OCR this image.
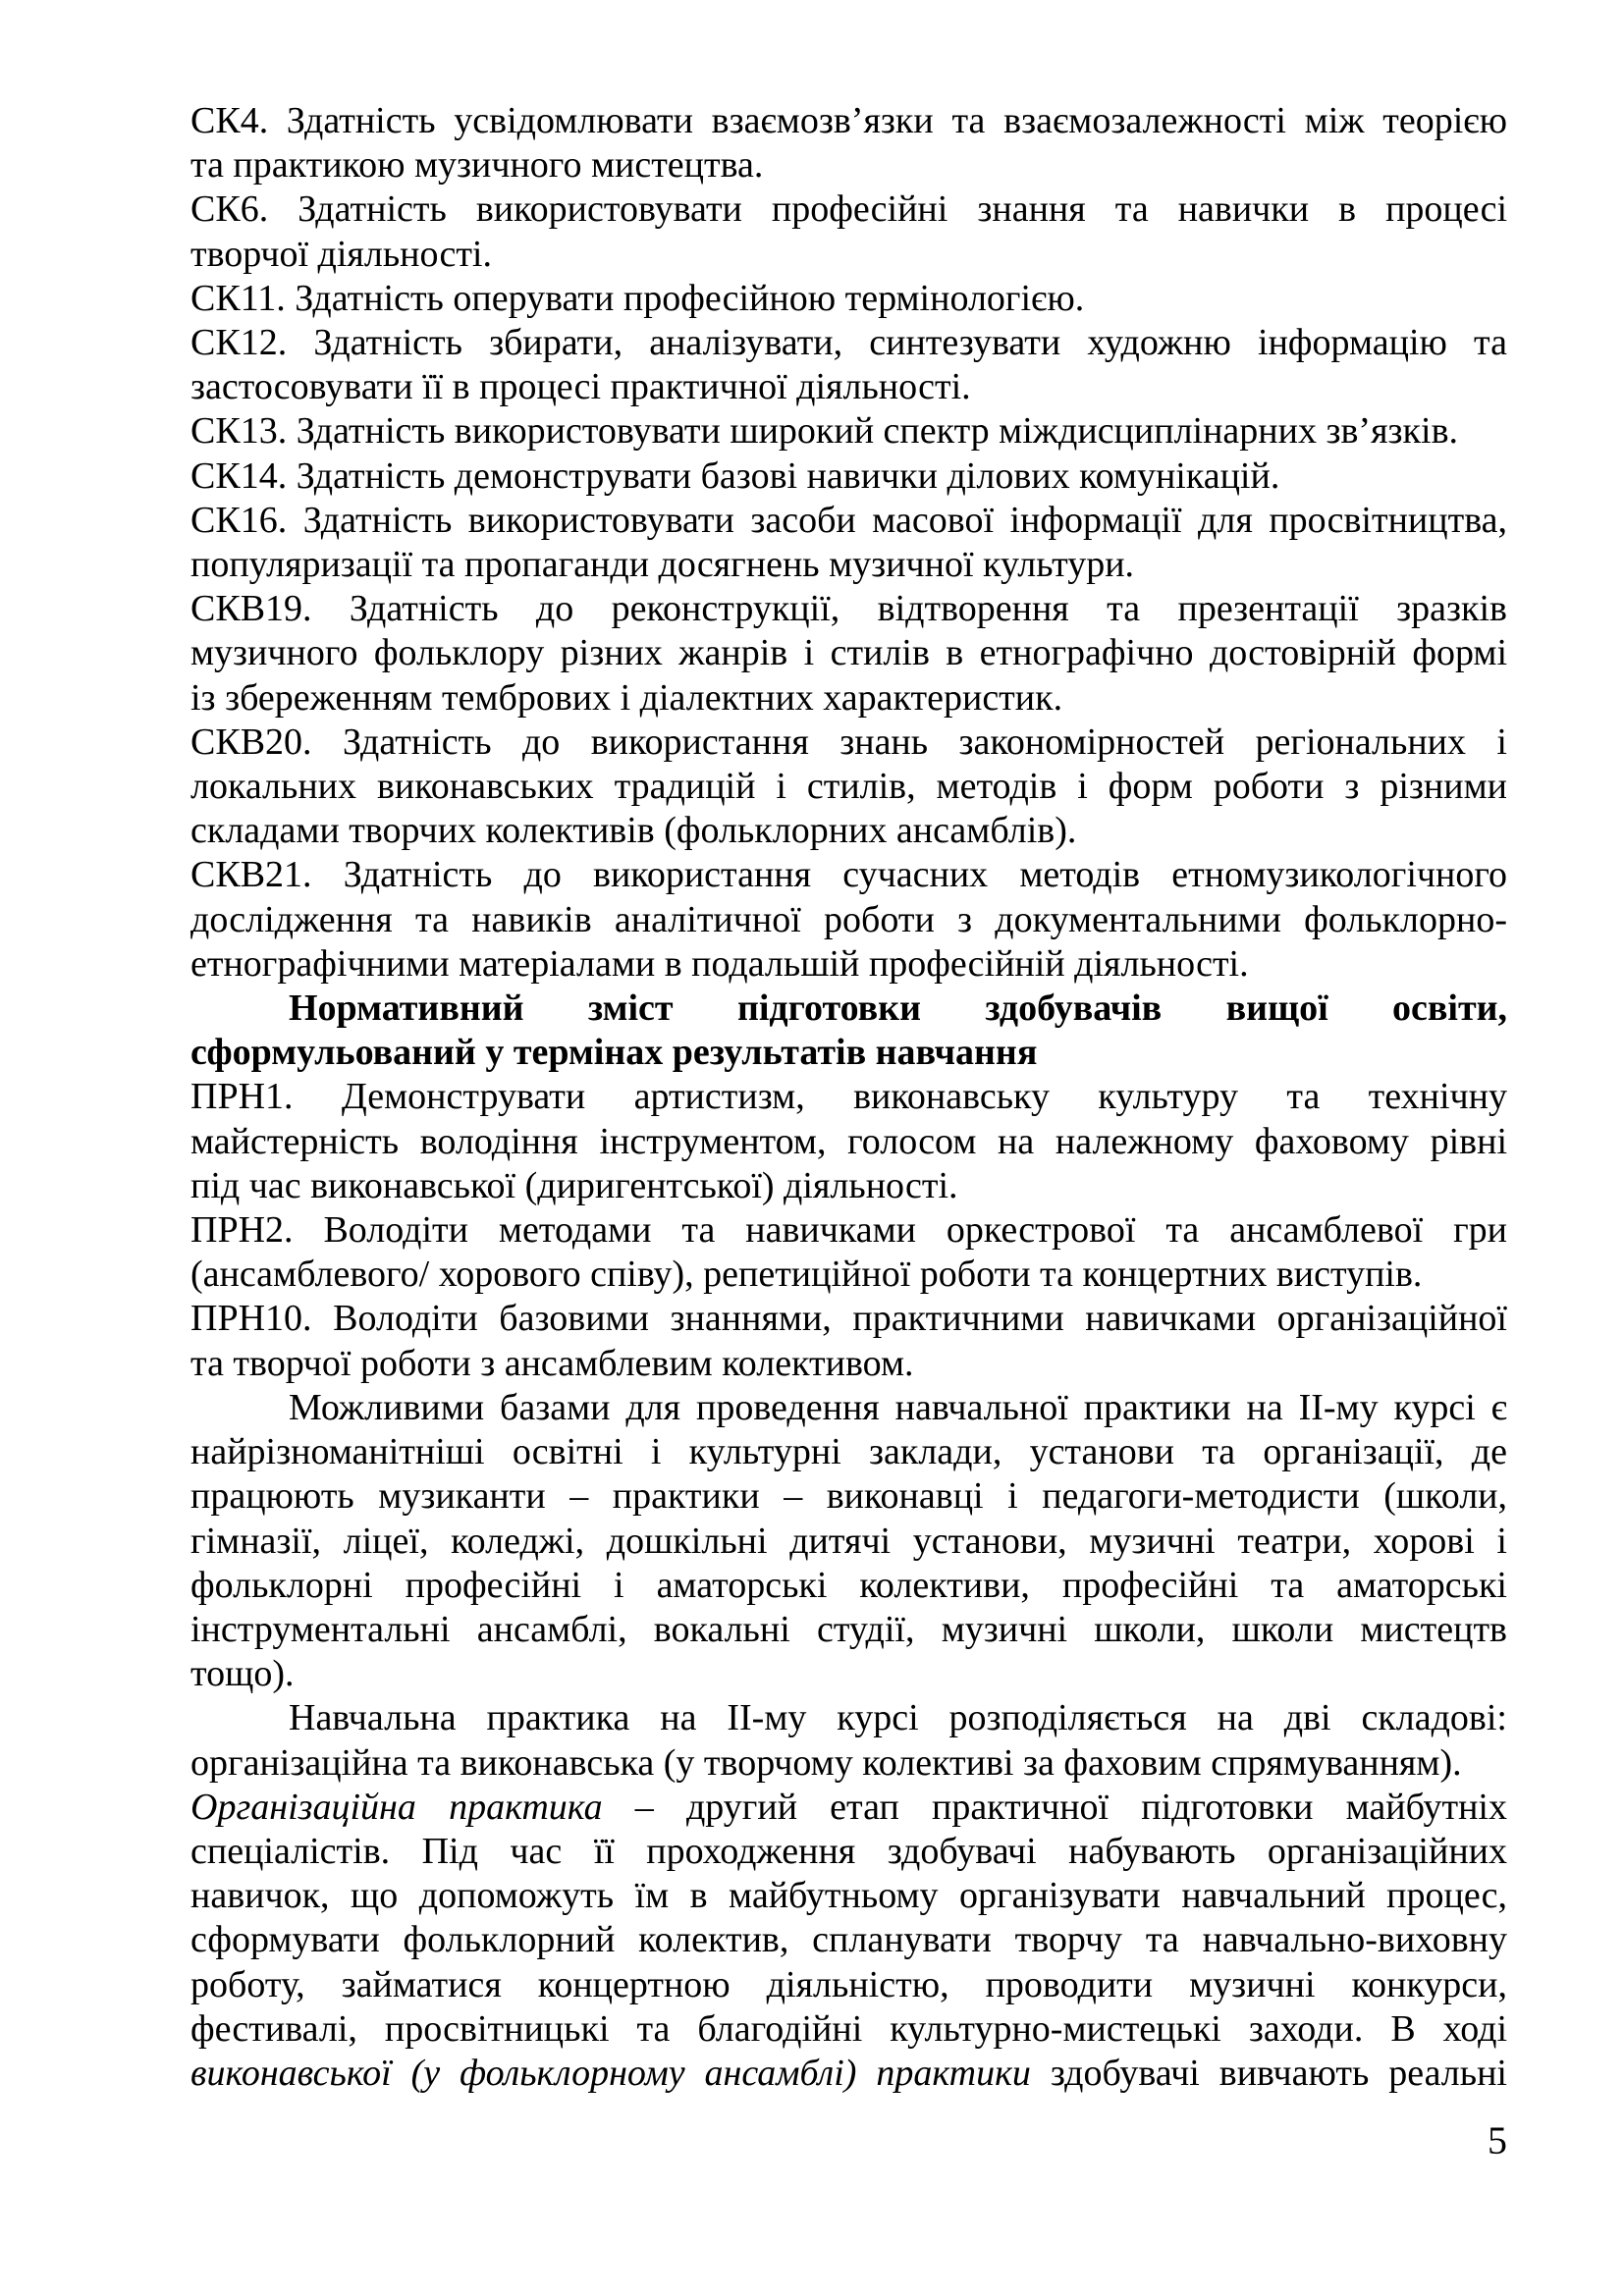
СК4. Здатність усвідомлювати взаємозв’язки та взаємозалежності між теорією
та практикою музичного мистецтва.
СК6. Здатність використовувати професійні знання та навички в процесі
творчої діяльності.
СК11. Здатність оперувати професійною термінологією.
СК12. Здатність збирати, аналізувати, синтезувати художню інформацію та
застосовувати її в процесі практичної діяльності.
СК13. Здатність використовувати широкий спектр міждисциплінарних зв’язків.
СК14. Здатність демонструвати базові навички ділових комунікацій.
СК16. Здатність використовувати засоби масової інформації для просвітництва,
популяризації та пропаганди досягнень музичної культури.
СКВ19. Здатність до реконструкції, відтворення та презентації зразків
музичного фольклору різних жанрів і стилів в етнографічно достовірній формі
із збереженням тембрових і діалектних характеристик.
СКВ20. Здатність до використання знань закономірностей регіональних і
локальних виконавських традицій і стилів, методів і форм роботи з різними
складами творчих колективів (фольклорних ансамблів).
СКВ21. Здатність до використання сучасних методів етномузикологічного
дослідження та навиків аналітичної роботи з документальними фольклорно-
етнографічними матеріалами в подальшій професійній діяльності.
Нормативний зміст підготовки здобувачів вищої освіти,
сформульований у термінах результатів навчання
ПРН1. Демонструвати артистизм, виконавську культуру та технічну
майстерність володіння інструментом, голосом на належному фаховому рівні
під час виконавської (диригентської) діяльності.
ПРН2. Володіти методами та навичками оркестрової та ансамблевої гри
(ансамблевого/ хорового співу), репетиційної роботи та концертних виступів.
ПРН10. Володіти базовими знаннями, практичними навичками організаційної
та творчої роботи з ансамблевим колективом.
Можливими базами для проведення навчальної практики на ІІ-му курсі є
найрізноманітніші освітні і культурні заклади, установи та організації, де
працюють музиканти – практики – виконавці і педагоги-методисти (школи,
гімназії, ліцеї, коледжі, дошкільні дитячі установи, музичні театри, хорові і
фольклорні професійні і аматорські колективи, професійні та аматорські
інструментальні ансамблі, вокальні студії, музичні школи, школи мистецтв
тощо).
Навчальна практика на ІІ-му курсі розподіляється на дві складові:
організаційна та виконавська (у творчому колективі за фаховим спрямуванням).
Організаційна практика – другий етап практичної підготовки майбутніх
спеціалістів. Під час її проходження здобувачі набувають організаційних
навичок, що допоможуть їм в майбутньому організувати навчальний процес,
сформувати фольклорний колектив, спланувати творчу та навчально-виховну
роботу, займатися концертною діяльністю, проводити музичні конкурси,
фестивалі, просвітницькі та благодійні культурно-мистецькі заходи. В ході
виконавської (у фольклорному ансамблі) практики здобувачі вивчають реальні
5
